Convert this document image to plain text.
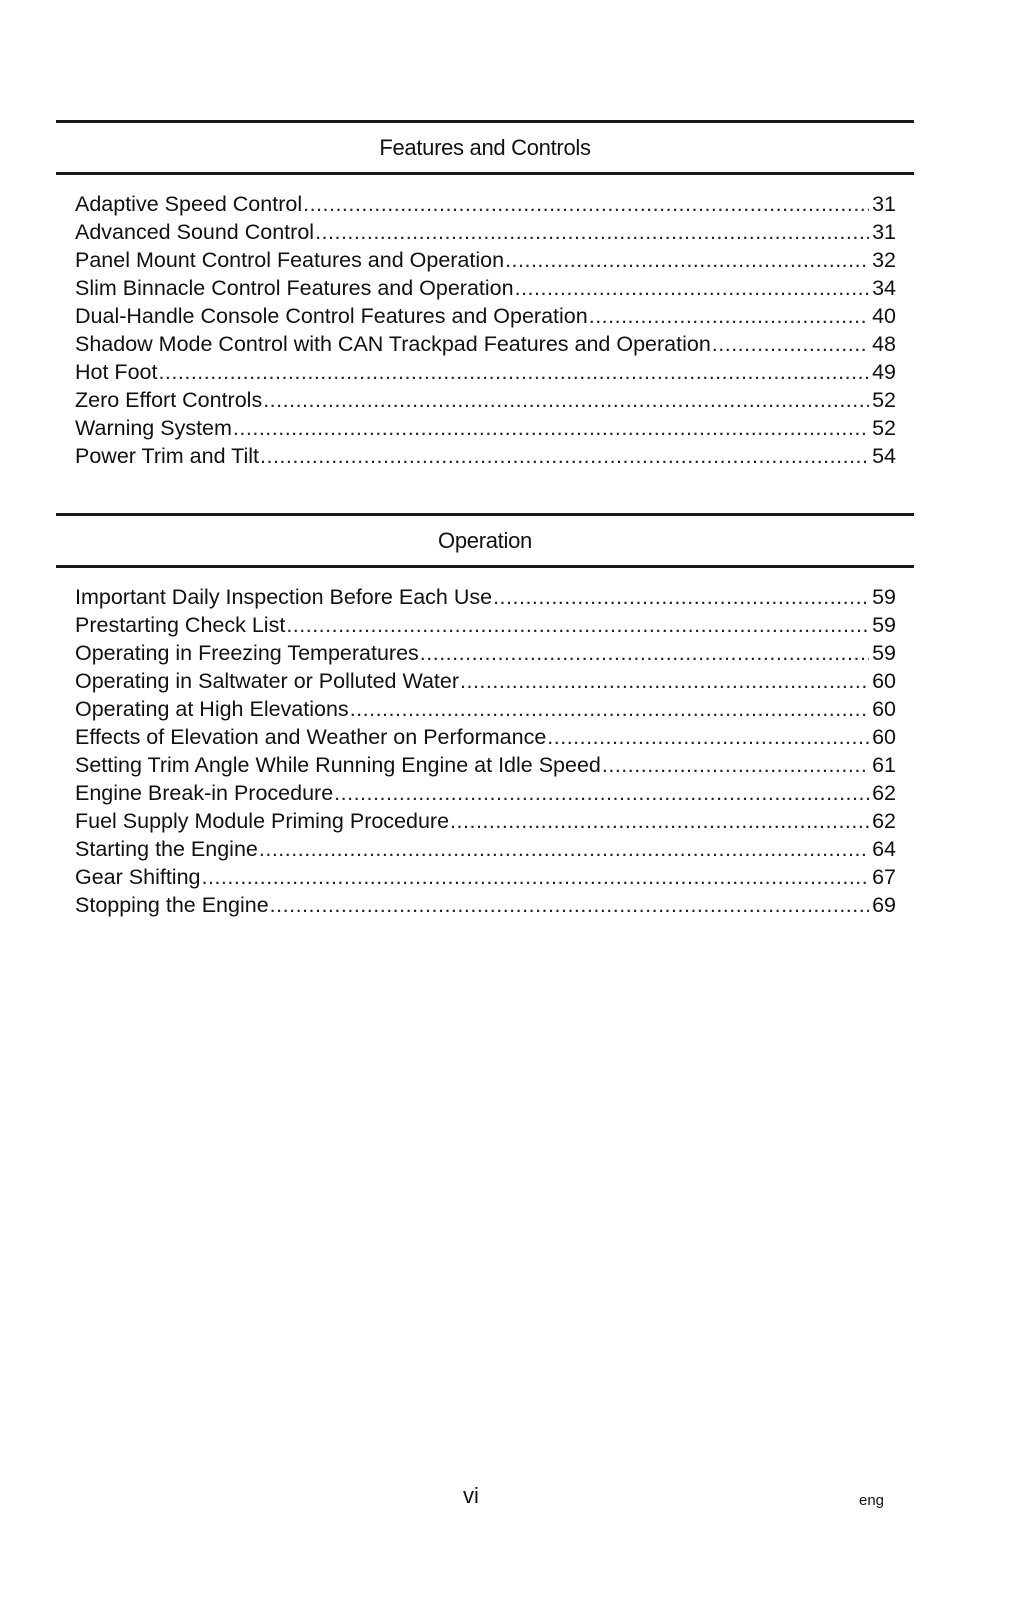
Features and Controls
Adaptive Speed Control .....	31
Advanced Sound Control .....	31
Panel Mount Control Features and Operation .....	32
Slim Binnacle Control Features and Operation .....	34
Dual-Handle Console Control Features and Operation .....	40
Shadow Mode Control with CAN Trackpad Features and Operation .....	48
Hot Foot .....	49
Zero Effort Controls .....	52
Warning System .....	52
Power Trim and Tilt .....	54
Operation
Important Daily Inspection Before Each Use .....	59
Prestarting Check List .....	59
Operating in Freezing Temperatures .....	59
Operating in Saltwater or Polluted Water .....	60
Operating at High Elevations .....	60
Effects of Elevation and Weather on Performance .....	60
Setting Trim Angle While Running Engine at Idle Speed .....	61
Engine Break-in Procedure .....	62
Fuel Supply Module Priming Procedure .....	62
Starting the Engine .....	64
Gear Shifting .....	67
Stopping the Engine .....	69
vi	eng
